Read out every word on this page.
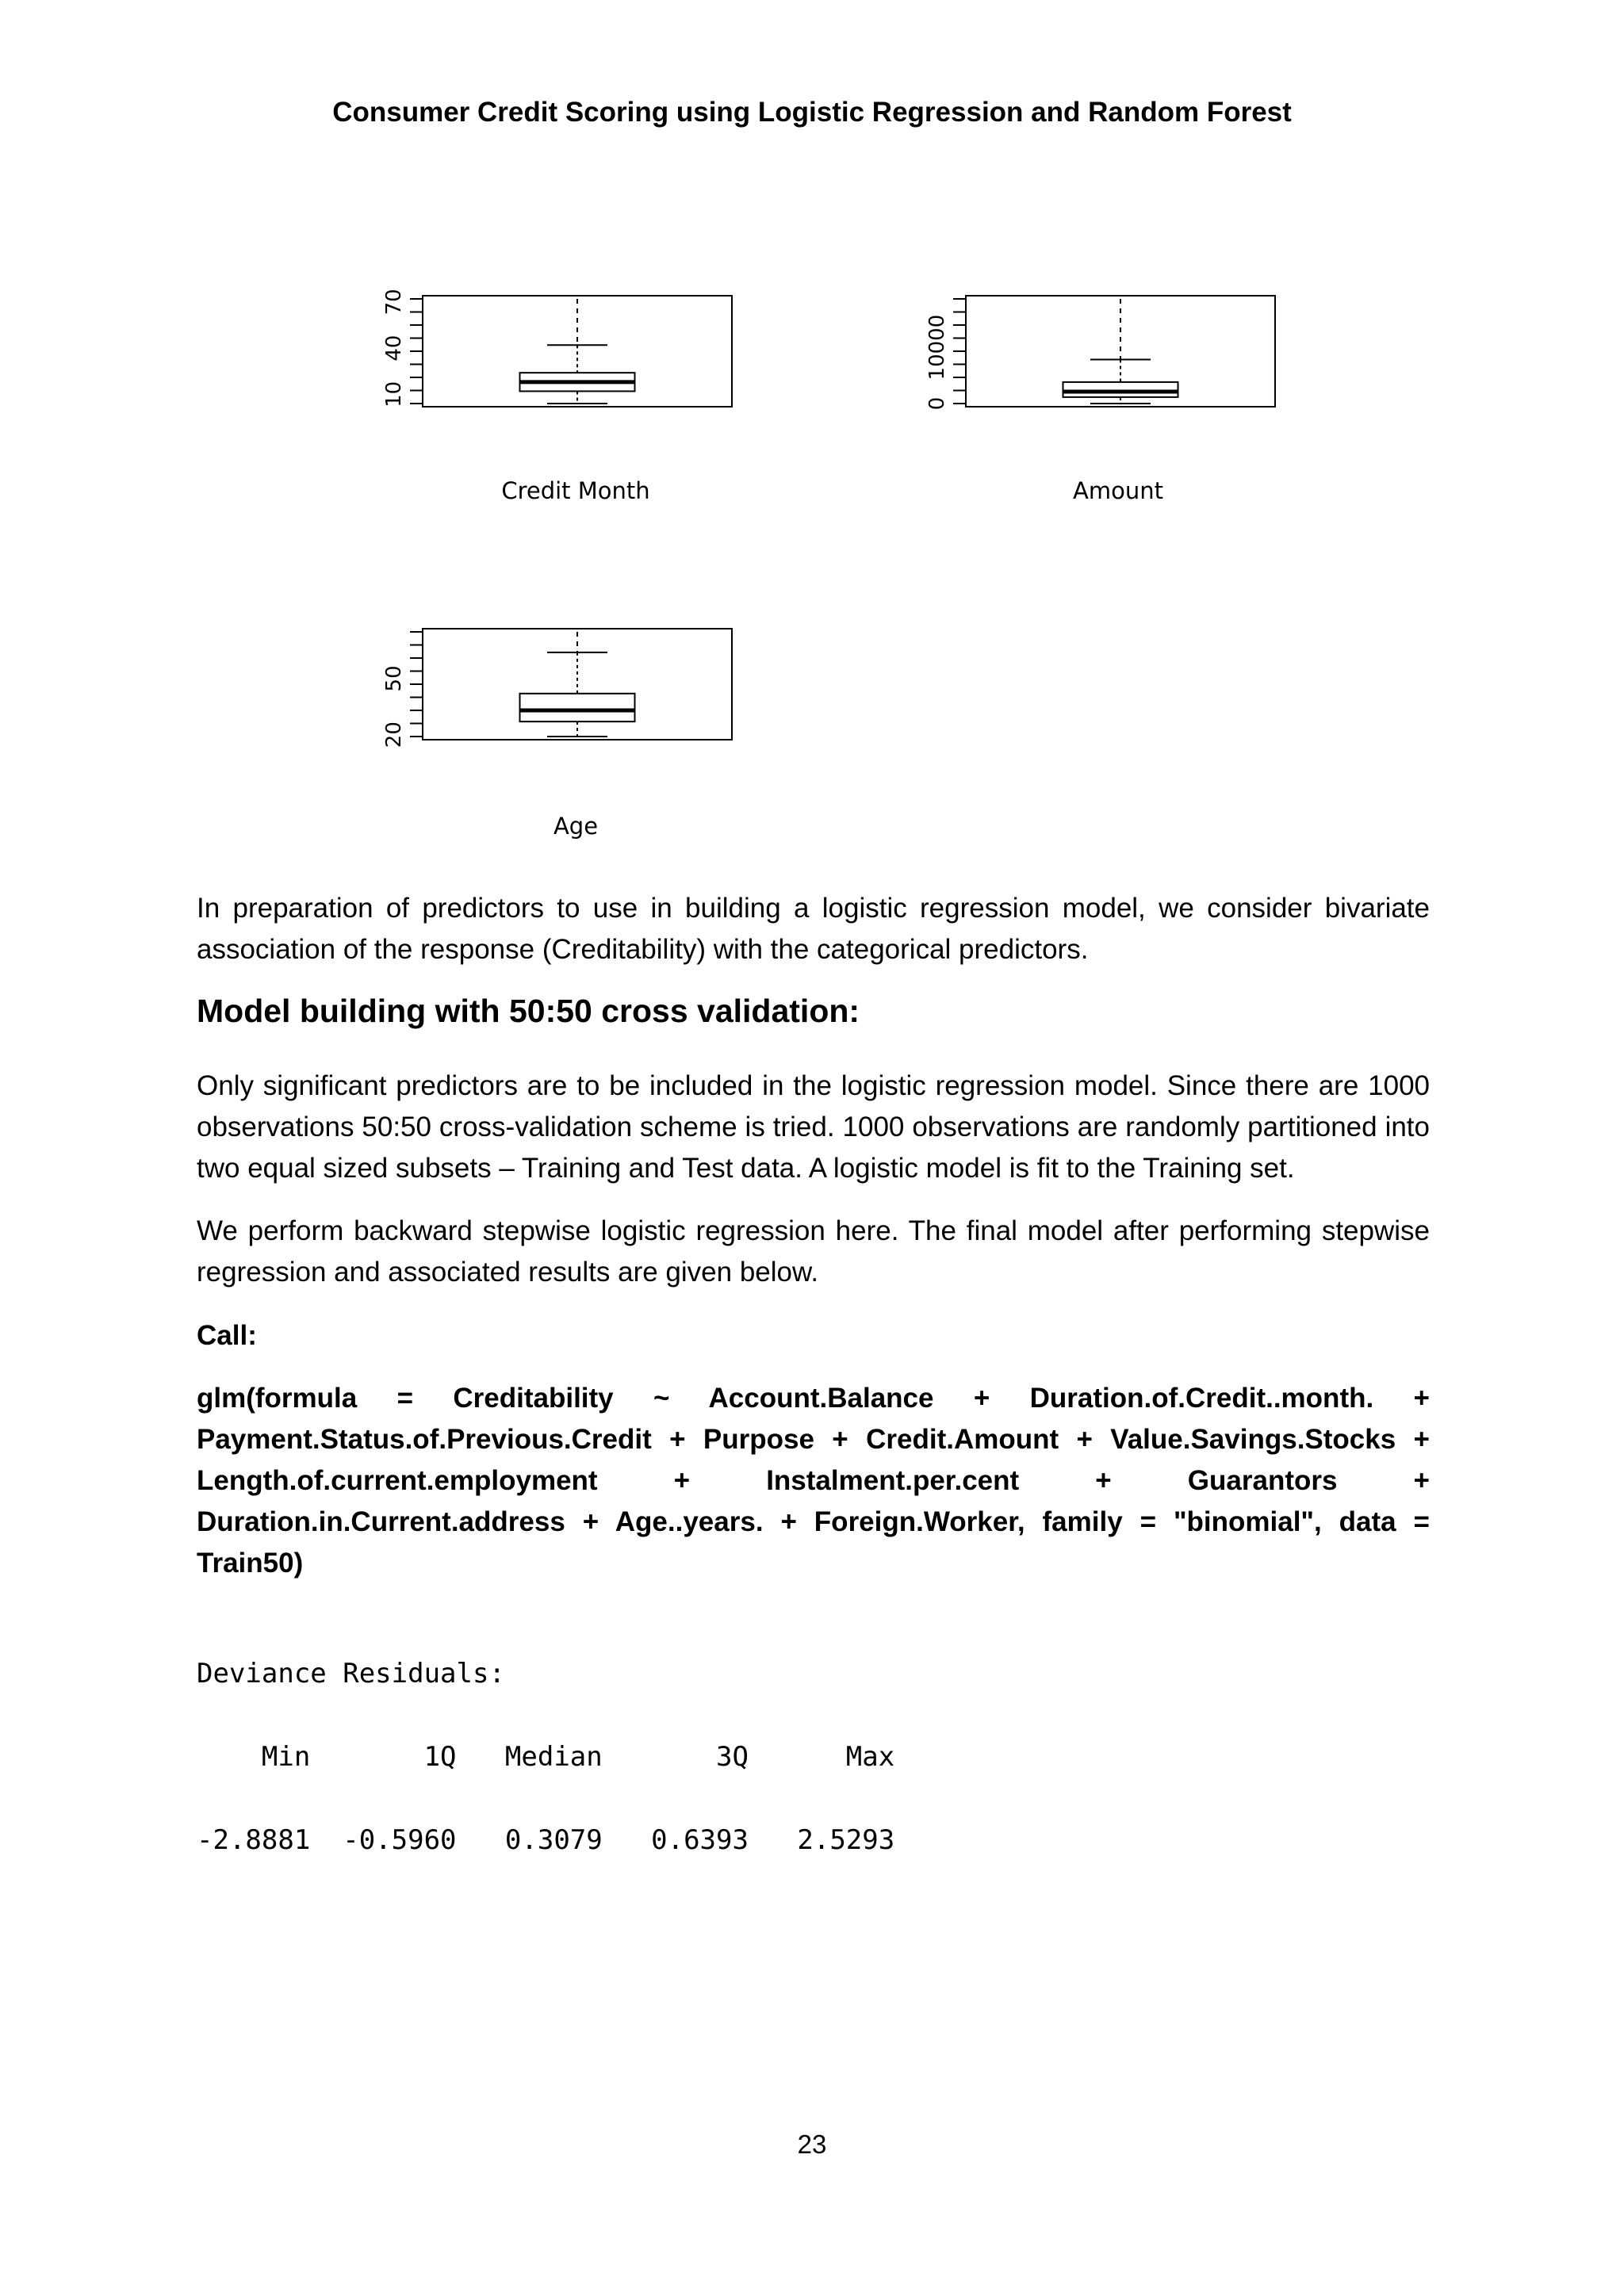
Consumer Credit Scoring using Logistic Regression and Random Forest
10
40
70
Credit Month
0
10000
Amount
20
50
Age

In preparation of predictors to use in building a logistic regression model, we consider bivariate association of the response (Creditability) with the categorical predictors.

Model building with 50:50 cross validation:

Only significant predictors are to be included in the logistic regression model. Since there are 1000 observations 50:50 cross-validation scheme is tried. 1000 observations are randomly partitioned into two equal sized subsets – Training and Test data. A logistic model is fit to the Training set.

We perform backward stepwise logistic regression here. The final model after performing stepwise regression and associated results are given below.

Call:

glm(formula = Creditability ~ Account.Balance + Duration.of.Credit..month. + Payment.Status.of.Previous.Credit + Purpose + Credit.Amount + Value.Savings.Stocks + Length.of.current.employment + Instalment.per.cent + Guarantors + Duration.in.Current.address + Age..years. + Foreign.Worker, family = "binomial", data = Train50)

Deviance Residuals:

Min       1Q   Median       3Q      Max

-2.8881  -0.5960   0.3079   0.6393   2.5293

23
